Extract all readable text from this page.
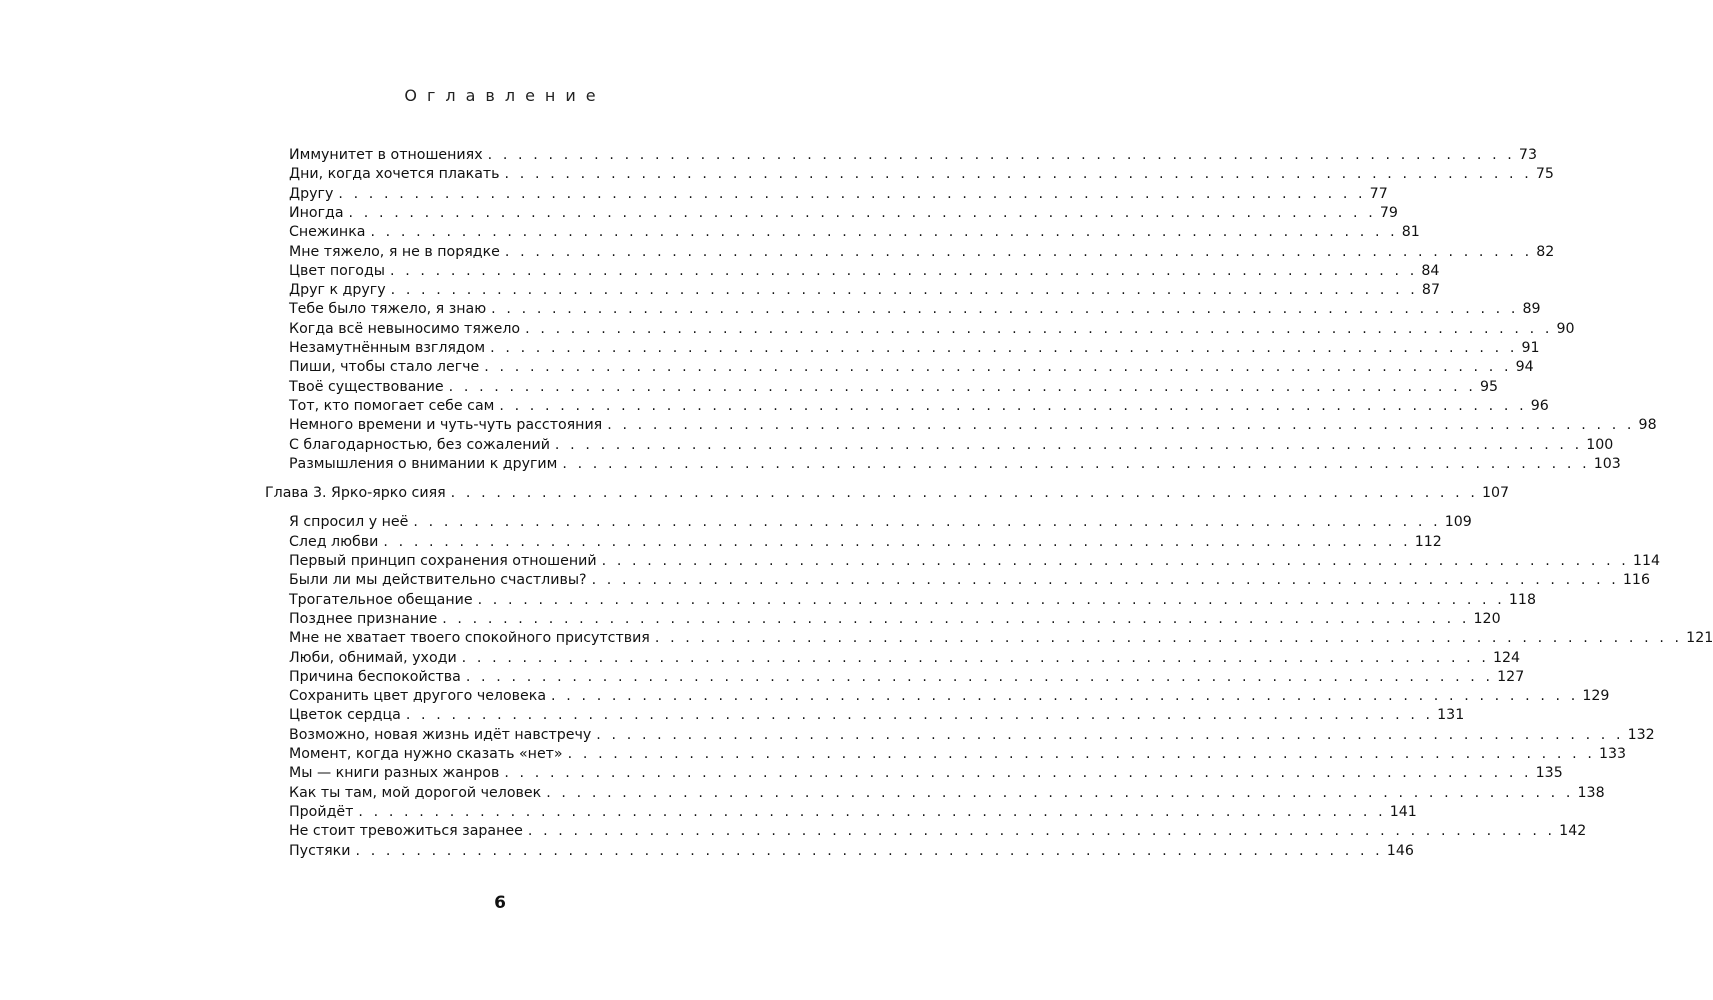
Оглавление
Иммунитет в отношениях . . . . . . . . . . . . . . . . . . . . . . . . . . . . . . . . . . . . . . . . . . . . . . . . . . . . . . . . . . . . . . . . . . . . 73
Дни, когда хочется плакать . . . . . . . . . . . . . . . . . . . . . . . . . . . . . . . . . . . . . . . . . . . . . . . . . . . . . . . . . . . . . . . . . . . . 75
Другу . . . . . . . . . . . . . . . . . . . . . . . . . . . . . . . . . . . . . . . . . . . . . . . . . . . . . . . . . . . . . . . . . . . . 77
Иногда . . . . . . . . . . . . . . . . . . . . . . . . . . . . . . . . . . . . . . . . . . . . . . . . . . . . . . . . . . . . . . . . . . . . 79
Снежинка . . . . . . . . . . . . . . . . . . . . . . . . . . . . . . . . . . . . . . . . . . . . . . . . . . . . . . . . . . . . . . . . . . . . 81
Мне тяжело, я не в порядке . . . . . . . . . . . . . . . . . . . . . . . . . . . . . . . . . . . . . . . . . . . . . . . . . . . . . . . . . . . . . . . . . . . . 82
Цвет погоды . . . . . . . . . . . . . . . . . . . . . . . . . . . . . . . . . . . . . . . . . . . . . . . . . . . . . . . . . . . . . . . . . . . . 84
Друг к другу . . . . . . . . . . . . . . . . . . . . . . . . . . . . . . . . . . . . . . . . . . . . . . . . . . . . . . . . . . . . . . . . . . . . 87
Тебе было тяжело, я знаю . . . . . . . . . . . . . . . . . . . . . . . . . . . . . . . . . . . . . . . . . . . . . . . . . . . . . . . . . . . . . . . . . . . . 89
Когда всё невыносимо тяжело . . . . . . . . . . . . . . . . . . . . . . . . . . . . . . . . . . . . . . . . . . . . . . . . . . . . . . . . . . . . . . . . . . . . 90
Незамутнённым взглядом . . . . . . . . . . . . . . . . . . . . . . . . . . . . . . . . . . . . . . . . . . . . . . . . . . . . . . . . . . . . . . . . . . . . 91
Пиши, чтобы стало легче . . . . . . . . . . . . . . . . . . . . . . . . . . . . . . . . . . . . . . . . . . . . . . . . . . . . . . . . . . . . . . . . . . . . 94
Твоё существование . . . . . . . . . . . . . . . . . . . . . . . . . . . . . . . . . . . . . . . . . . . . . . . . . . . . . . . . . . . . . . . . . . . . 95
Тот, кто помогает себе сам . . . . . . . . . . . . . . . . . . . . . . . . . . . . . . . . . . . . . . . . . . . . . . . . . . . . . . . . . . . . . . . . . . . . 96
Немного времени и чуть-чуть расстояния . . . . . . . . . . . . . . . . . . . . . . . . . . . . . . . . . . . . . . . . . . . . . . . . . . . . . . . . . . . . . . . . . . . . 98
С благодарностью, без сожалений . . . . . . . . . . . . . . . . . . . . . . . . . . . . . . . . . . . . . . . . . . . . . . . . . . . . . . . . . . . . . . . . . . . . 100
Размышления о внимании к другим . . . . . . . . . . . . . . . . . . . . . . . . . . . . . . . . . . . . . . . . . . . . . . . . . . . . . . . . . . . . . . . . . . . . 103
Глава 3. Ярко-ярко сияя . . . . . . . . . . . . . . . . . . . . . . . . . . . . . . . . . . . . . . . . . . . . . . . . . . . . . . . . . . . . . . . . . . . . 107
Я спросил у неё . . . . . . . . . . . . . . . . . . . . . . . . . . . . . . . . . . . . . . . . . . . . . . . . . . . . . . . . . . . . . . . . . . . . 109
След любви . . . . . . . . . . . . . . . . . . . . . . . . . . . . . . . . . . . . . . . . . . . . . . . . . . . . . . . . . . . . . . . . . . . . 112
Первый принцип сохранения отношений . . . . . . . . . . . . . . . . . . . . . . . . . . . . . . . . . . . . . . . . . . . . . . . . . . . . . . . . . . . . . . . . . . . . 114
Были ли мы действительно счастливы? . . . . . . . . . . . . . . . . . . . . . . . . . . . . . . . . . . . . . . . . . . . . . . . . . . . . . . . . . . . . . . . . . . . . 116
Трогательное обещание . . . . . . . . . . . . . . . . . . . . . . . . . . . . . . . . . . . . . . . . . . . . . . . . . . . . . . . . . . . . . . . . . . . . 118
Позднее признание . . . . . . . . . . . . . . . . . . . . . . . . . . . . . . . . . . . . . . . . . . . . . . . . . . . . . . . . . . . . . . . . . . . . 120
Мне не хватает твоего спокойного присутствия . . . . . . . . . . . . . . . . . . . . . . . . . . . . . . . . . . . . . . . . . . . . . . . . . . . . . . . . . . . . . . . . . . . . 121
Люби, обнимай, уходи . . . . . . . . . . . . . . . . . . . . . . . . . . . . . . . . . . . . . . . . . . . . . . . . . . . . . . . . . . . . . . . . . . . . 124
Причина беспокойства . . . . . . . . . . . . . . . . . . . . . . . . . . . . . . . . . . . . . . . . . . . . . . . . . . . . . . . . . . . . . . . . . . . . 127
Сохранить цвет другого человека . . . . . . . . . . . . . . . . . . . . . . . . . . . . . . . . . . . . . . . . . . . . . . . . . . . . . . . . . . . . . . . . . . . . 129
Цветок сердца . . . . . . . . . . . . . . . . . . . . . . . . . . . . . . . . . . . . . . . . . . . . . . . . . . . . . . . . . . . . . . . . . . . . 131
Возможно, новая жизнь идёт навстречу . . . . . . . . . . . . . . . . . . . . . . . . . . . . . . . . . . . . . . . . . . . . . . . . . . . . . . . . . . . . . . . . . . . . 132
Момент, когда нужно сказать «нет» . . . . . . . . . . . . . . . . . . . . . . . . . . . . . . . . . . . . . . . . . . . . . . . . . . . . . . . . . . . . . . . . . . . . 133
Мы — книги разных жанров . . . . . . . . . . . . . . . . . . . . . . . . . . . . . . . . . . . . . . . . . . . . . . . . . . . . . . . . . . . . . . . . . . . . 135
Как ты там, мой дорогой человек . . . . . . . . . . . . . . . . . . . . . . . . . . . . . . . . . . . . . . . . . . . . . . . . . . . . . . . . . . . . . . . . . . . . 138
Пройдёт . . . . . . . . . . . . . . . . . . . . . . . . . . . . . . . . . . . . . . . . . . . . . . . . . . . . . . . . . . . . . . . . . . . . 141
Не стоит тревожиться заранее . . . . . . . . . . . . . . . . . . . . . . . . . . . . . . . . . . . . . . . . . . . . . . . . . . . . . . . . . . . . . . . . . . . . 142
Пустяки . . . . . . . . . . . . . . . . . . . . . . . . . . . . . . . . . . . . . . . . . . . . . . . . . . . . . . . . . . . . . . . . . . . . 146
6
